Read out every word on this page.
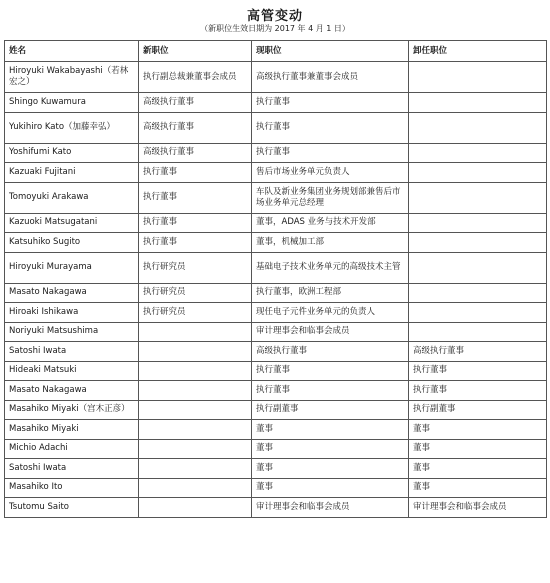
高管变动
（新职位生效日期为 2017 年 4 月 1 日）
姓名	新职位	现职位	卸任职位
Hiroyuki Wakabayashi（若林宏之）	执行副总裁兼董事会成员	高级执行董事兼董事会成员	
Shingo Kuwamura	高级执行董事	执行董事	
Yukihiro Kato（加藤幸弘）	高级执行董事	执行董事	
Yoshifumi Kato	高级执行董事	执行董事	
Kazuaki Fujitani	执行董事	售后市场业务单元负责人	
Tomoyuki Arakawa	执行董事	车队及新业务集团业务规划部兼售后市场业务单元总经理	
Kazuoki Matsugatani	执行董事	董事，ADAS 业务与技术开发部	
Katsuhiko Sugito	执行董事	董事，机械加工部	
Hiroyuki Murayama	执行研究员	基础电子技术业务单元的高级技术主管	
Masato Nakagawa	执行研究员	执行董事，欧洲工程部	
Hiroaki Ishikawa	执行研究员	现任电子元件业务单元的负责人	
Noriyuki Matsushima		审计理事会和临事会成员	
Satoshi Iwata		高级执行董事	高级执行董事
Hideaki Matsuki		执行董事	执行董事
Masato Nakagawa		执行董事	执行董事
Masahiko Miyaki（宫木正彦）		执行副董事	执行副董事
Masahiko Miyaki		董事	董事
Michio Adachi		董事	董事
Satoshi Iwata		董事	董事
Masahiko Ito		董事	董事
Tsutomu Saito		审计理事会和临事会成员	审计理事会和临事会成员
